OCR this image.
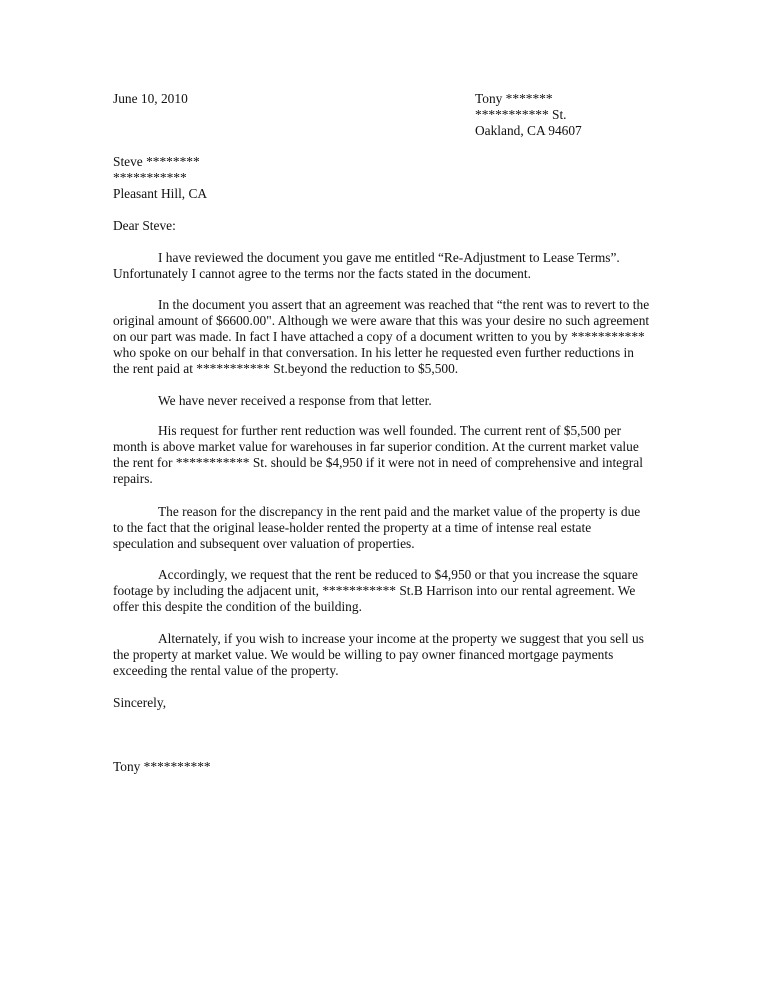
June 10, 2010	Tony *******
*********** St.
Oakland, CA 94607
Steve ********
***********
Pleasant Hill, CA
Dear Steve:

I have reviewed the document you gave me entitled “Re-Adjustment to Lease Terms”. Unfortunately I cannot agree to the terms nor the facts stated in the document.

In the document you assert that an agreement was reached that “the rent was to revert to the original amount of $6600.00". Although we were aware that this was your desire no such agreement on our part was made. In fact I have attached a copy of a document written to you by *********** who spoke on our behalf in that conversation. In his letter he requested even further reductions in the rent paid at *********** St.beyond the reduction to $5,500.

We have never received a response from that letter.

His request for further rent reduction was well founded. The current rent of $5,500 per month is above market value for warehouses in far superior condition. At the current market value the rent for *********** St. should be $4,950 if it were not in need of comprehensive and integral repairs.

The reason for the discrepancy in the rent paid and the market value of the property is due to the fact that the original lease-holder rented the property at a time of intense real estate speculation and subsequent over valuation of properties.

Accordingly, we request that the rent be reduced to $4,950 or that you increase the square footage by including the adjacent unit, *********** St.B Harrison into our rental agreement. We offer this despite the condition of the building.

Alternately, if you wish to increase your income at the property we suggest that you sell us the property at market value. We would be willing to pay owner financed mortgage payments exceeding the rental value of the property.

Sincerely,
Tony **********
